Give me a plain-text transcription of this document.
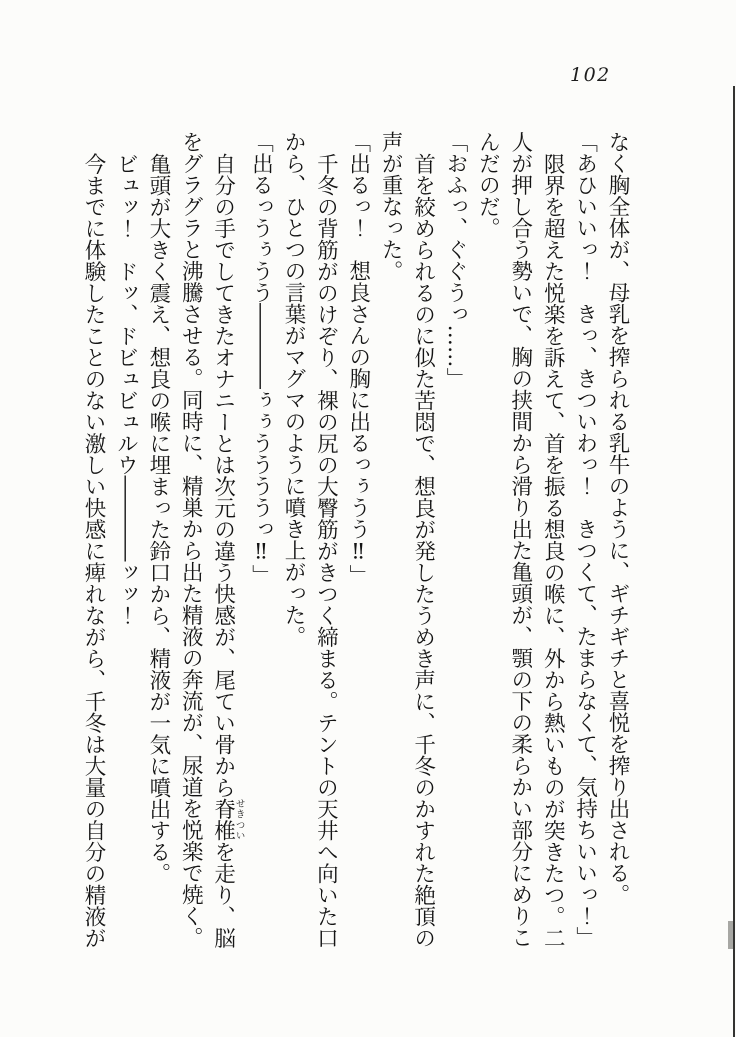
102

なく胸全体が、母乳を搾られる乳牛のように、ギチギチと喜悦を搾り出される。

「あひいいっ！　きっ、きついわっ！　きつくて、たまらなくて、気持ちいいっ！」

限界を超えた悦楽を訴えて、首を振る想良の喉に、外から熱いものが突きたつ。二

人が押し合う勢いで、胸の挟間から滑り出た亀頭が、顎の下の柔らかい部分にめりこ

んだのだ。

「おふっ、ぐぐうっ……」

首を絞められるのに似た苦悶で、想良が発したうめき声に、千冬のかすれた絶頂の

声が重なった。

「出るっ！　想良さんの胸に出るっぅうう‼」

千冬の背筋がのけぞり、裸の尻の大臀筋がきつく締まる。テントの天井へ向いた口

から、ひとつの言葉がマグマのように噴き上がった。

「出るっうぅうう――――ぅぅううううっ‼」

自分の手でしてきたオナニーとは次元の違う快感が、尾てい骨から脊椎せきついを走り、脳

をグラグラと沸騰させる。同時に、精巣から出た精液の奔流が、尿道を悦楽で焼く。

亀頭が大きく震え、想良の喉に埋まった鈴口から、精液が一気に噴出する。

ビュッ！　ドッ、ドビュビュルウ――――ッッ！

今までに体験したことのない激しい快感に痺れながら、千冬は大量の自分の精液が
